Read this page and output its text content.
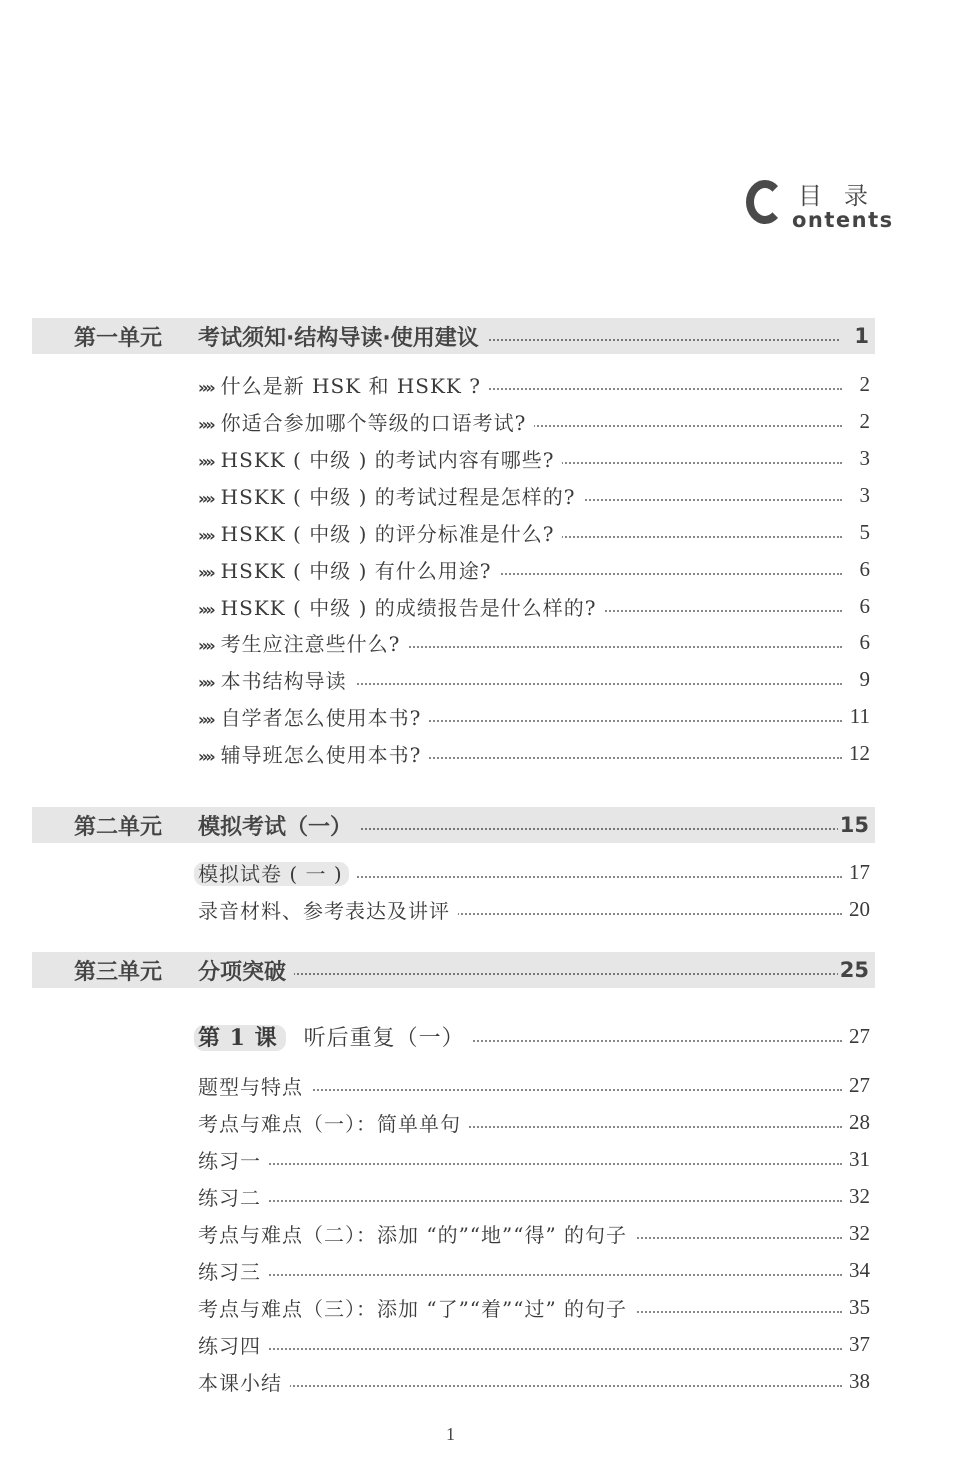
目录
ontents
第一单元 考试须知·结构导读·使用建议	1
»» 什么是新 HSK 和 HSKK ?	2
»» 你适合参加哪个等级的口语考试?	2
»» HSKK ( 中级 ) 的考试内容有哪些?	3
»» HSKK ( 中级 ) 的考试过程是怎样的?	3
»» HSKK ( 中级 ) 的评分标准是什么?	5
»» HSKK ( 中级 ) 有什么用途?	6
»» HSKK ( 中级 ) 的成绩报告是什么样的?	6
»» 考生应注意些什么?	6
»» 本书结构导读	9
»» 自学者怎么使用本书?	11
»» 辅导班怎么使用本书?	12
第二单元 模拟考试（一）	15
模拟试卷 ( 一 )	17
录音材料、参考表达及讲评	20
第三单元 分项突破	25
第 1 课 听后重复（一）	27
题型与特点	27
考点与难点（一）：简单单句	28
练习一	31
练习二	32
考点与难点（二）：添加 “的”“地”“得” 的句子	32
练习三	34
考点与难点（三）：添加 “了”“着”“过” 的句子	35
练习四	37
本课小结	38
1
